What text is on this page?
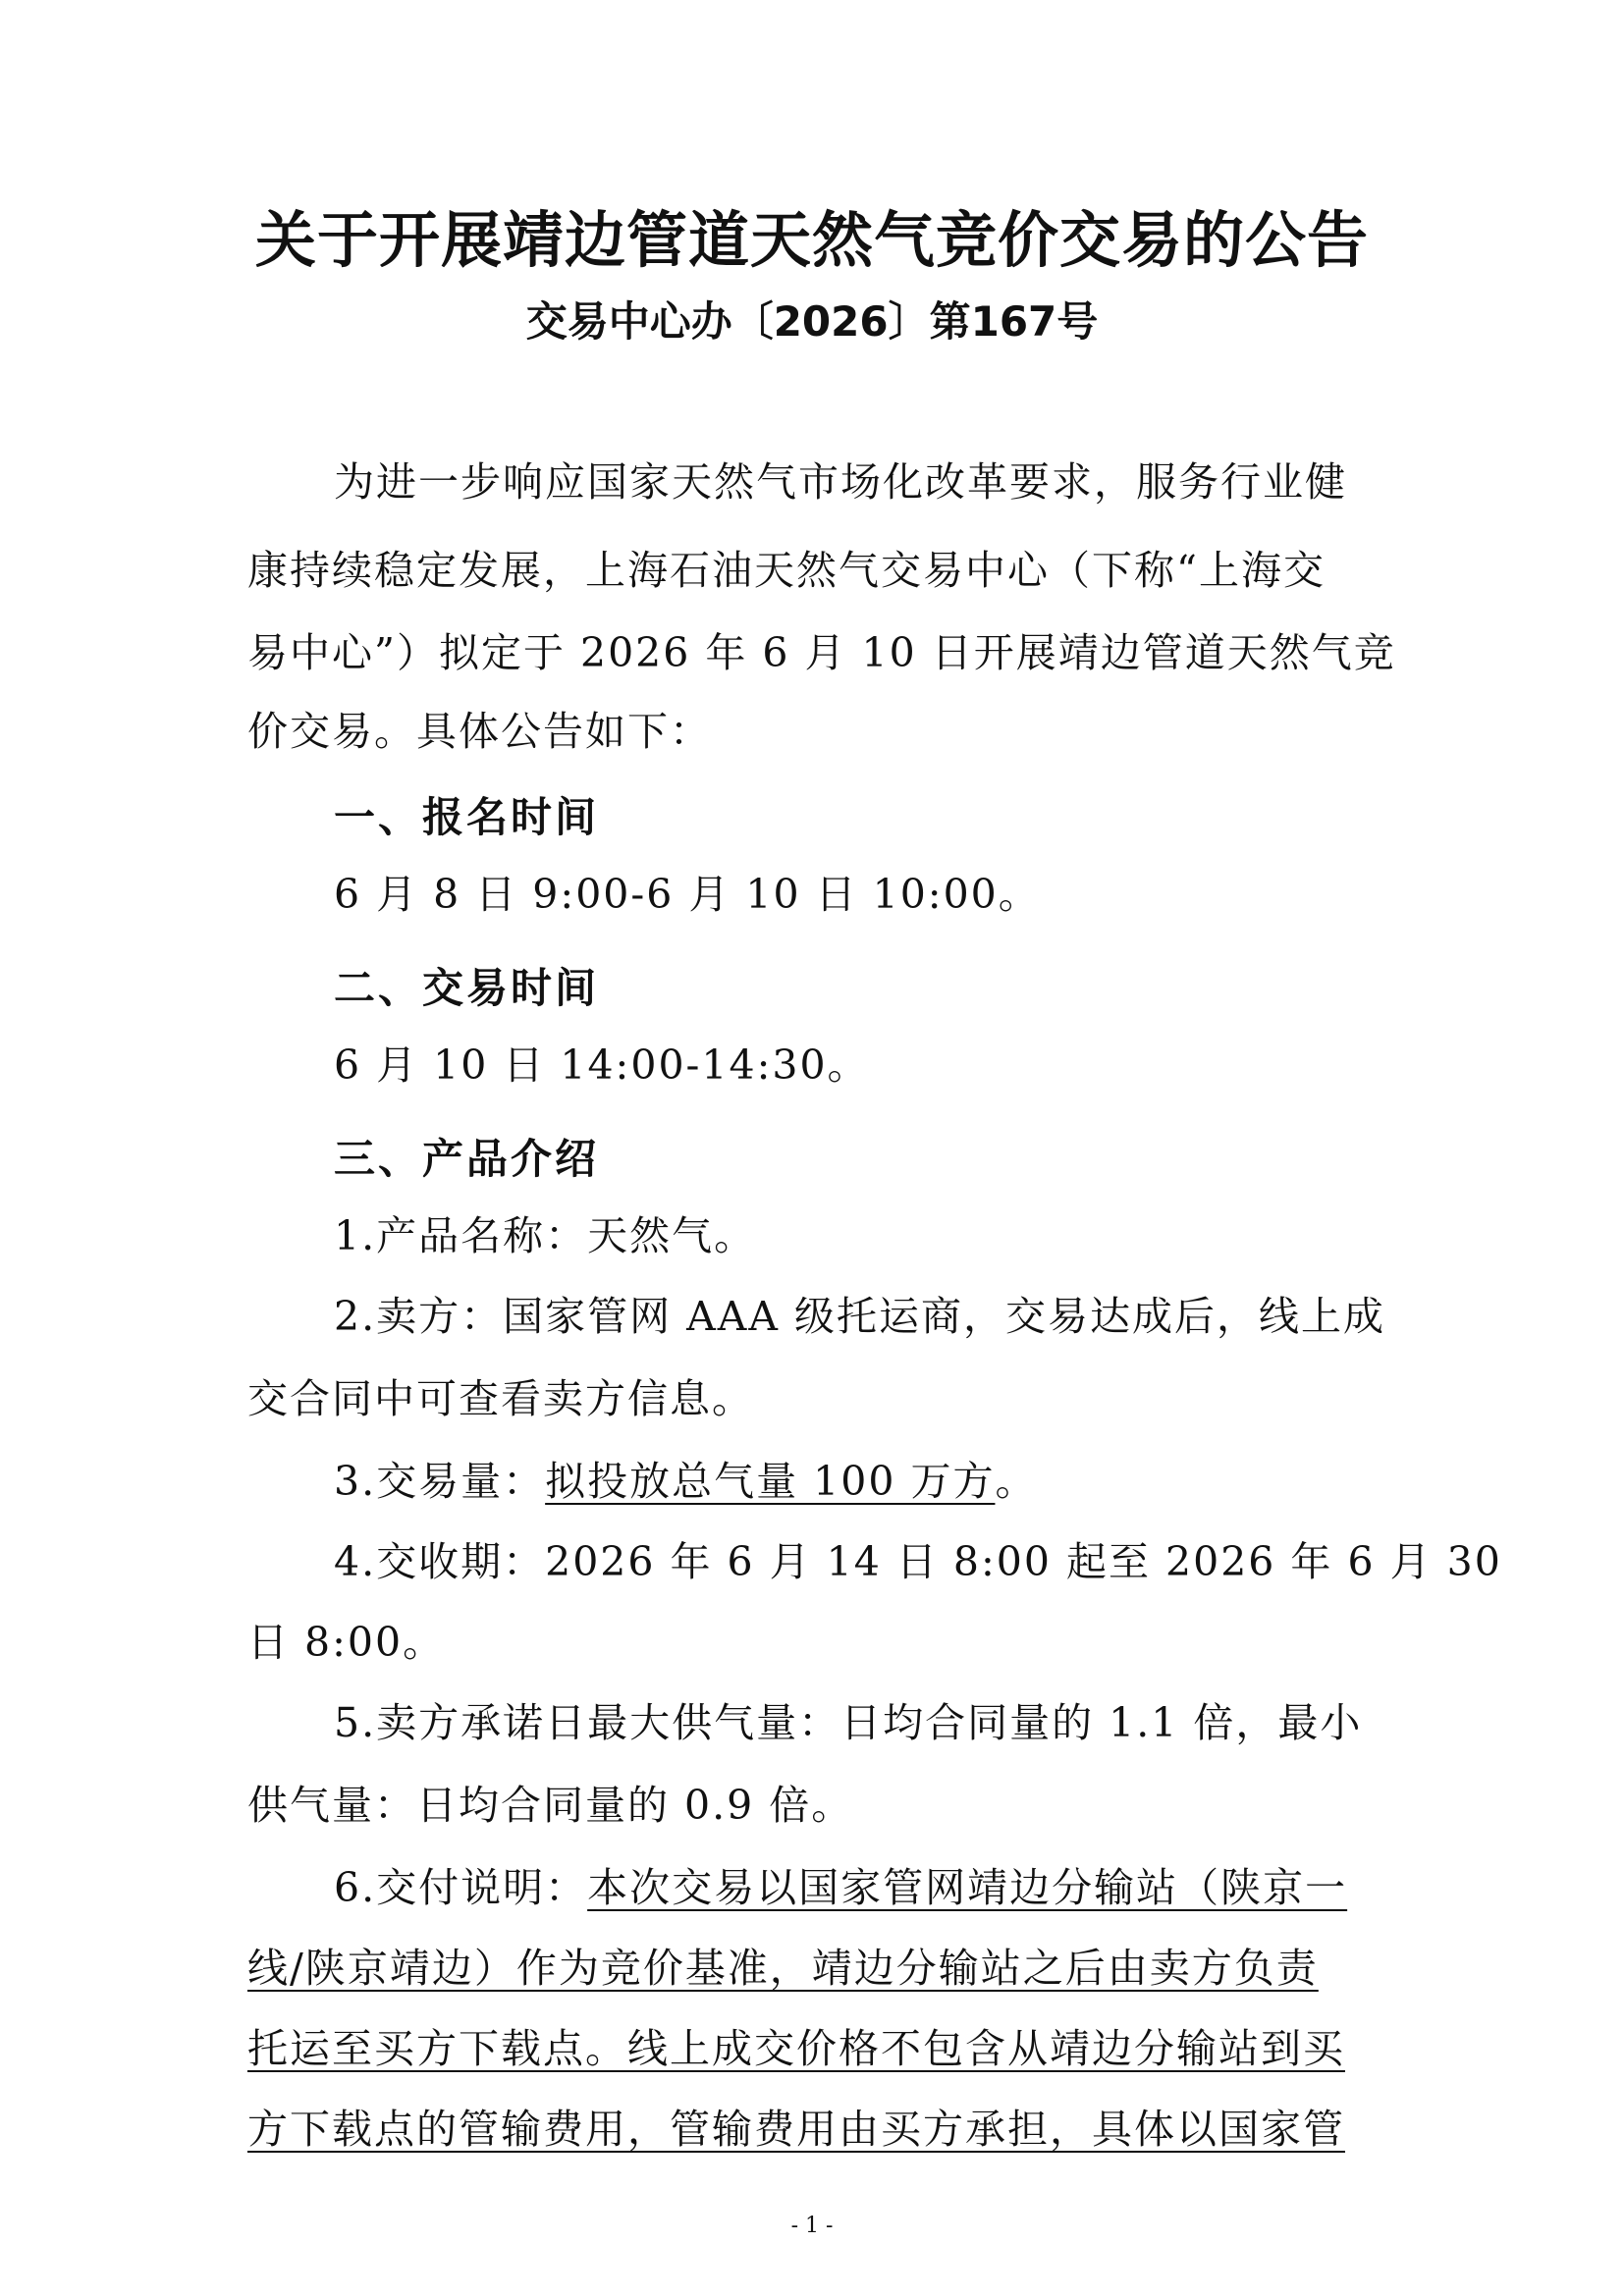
关于开展靖边管道天然气竞价交易的公告
交易中心办〔2026〕第167号
为进一步响应国家天然气市场化改革要求，服务行业健
康持续稳定发展，上海石油天然气交易中心（下称“上海交
易中心”）拟定于 2026 年 6 月 10 日开展靖边管道天然气竞
价交易。具体公告如下：
一、报名时间
6 月 8 日 9:00-6 月 10 日 10:00。
二、交易时间
6 月 10 日 14:00-14:30。
三、产品介绍
1.产品名称：天然气。
2.卖方：国家管网 AAA 级托运商，交易达成后，线上成
交合同中可查看卖方信息。
3.交易量：拟投放总气量 100 万方。
4.交收期：2026 年 6 月 14 日 8:00 起至 2026 年 6 月 30
日 8:00。
5.卖方承诺日最大供气量：日均合同量的 1.1 倍，最小
供气量：日均合同量的 0.9 倍。
6.交付说明：本次交易以国家管网靖边分输站（陕京一
线/陕京靖边）作为竞价基准，靖边分输站之后由卖方负责
托运至买方下载点。线上成交价格不包含从靖边分输站到买
方下载点的管输费用，管输费用由买方承担，具体以国家管
- 1 -
